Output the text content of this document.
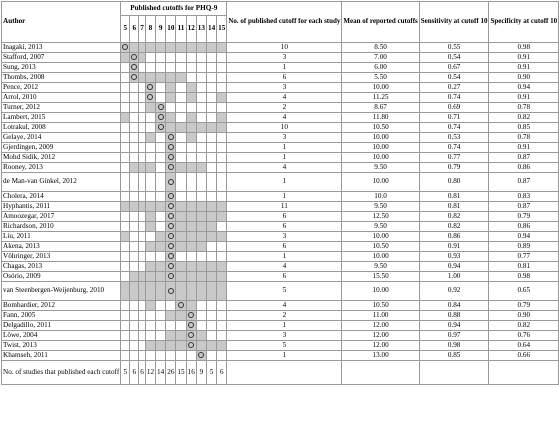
Author	Published cutoffs for PHQ-9											No. of published cutoff for each study	Mean of reported cutoffs	Sensitivity at cutoff 10	Specificity at cutoff 10
	5	6	7	8	9	10	11	12	13	14	15				
Inagaki, 2013												10	8.50	0.55	0.98
Stafford, 2007												3	7.00	0.54	0.91
Sung, 2013												1	6.00	0.67	0.91
Thombs, 2008												6	5.50	0.54	0.90
Pence, 2012												3	10.00	0.27	0.94
Arrol, 2010												4	11.25	0.74	0.91
Turner, 2012												2	8.67	0.69	0.78
Lambert, 2015												4	11.80	0.71	0.82
Lotrakul, 2008												10	10.50	0.74	0.85
Gelaye, 2014												3	10.00	0.53	0.78
Gjerdingen, 2009												1	10.00	0.74	0.91
Mohd Sidik, 2012												1	10.00	0.77	0.87
Rooney, 2013												4	9.50	0.79	0.86
de Man-van Ginkel, 2012												1	10.00	0.80	0.87
Cholera, 2014												1	10.0	0.81	0.83
Hyphantis, 2011												11	9.50	0.81	0.87
Amoozegar, 2017												6	12.50	0.82	0.79
Richardson, 2010												6	9.50	0.82	0.86
Liu, 2011												3	10.00	0.86	0.94
Akena, 2013												6	10.50	0.91	0.89
Vöhringer, 2013												1	10.00	0.93	0.77
Chagas, 2013												4	9.50	0.94	0.81
Osório, 2009												6	15.50	1.00	0.98
van Steenbergen-Weijenburg, 2010												5	10.00	0.92	0.65
Bombardier, 2012												4	10.50	0.84	0.79
Fann, 2005												2	11.00	0.88	0.90
Delgadillo, 2011												1	12.00	0.94	0.82
Löwe, 2004												3	12.00	0.97	0.76
Twist, 2013												5	12.00	0.98	0.64
Khamseh, 2011												1	13.00	0.85	0.66
No. of studies that published each cutoff	5	6	6	12	14	26	15	16	9	5	6				
